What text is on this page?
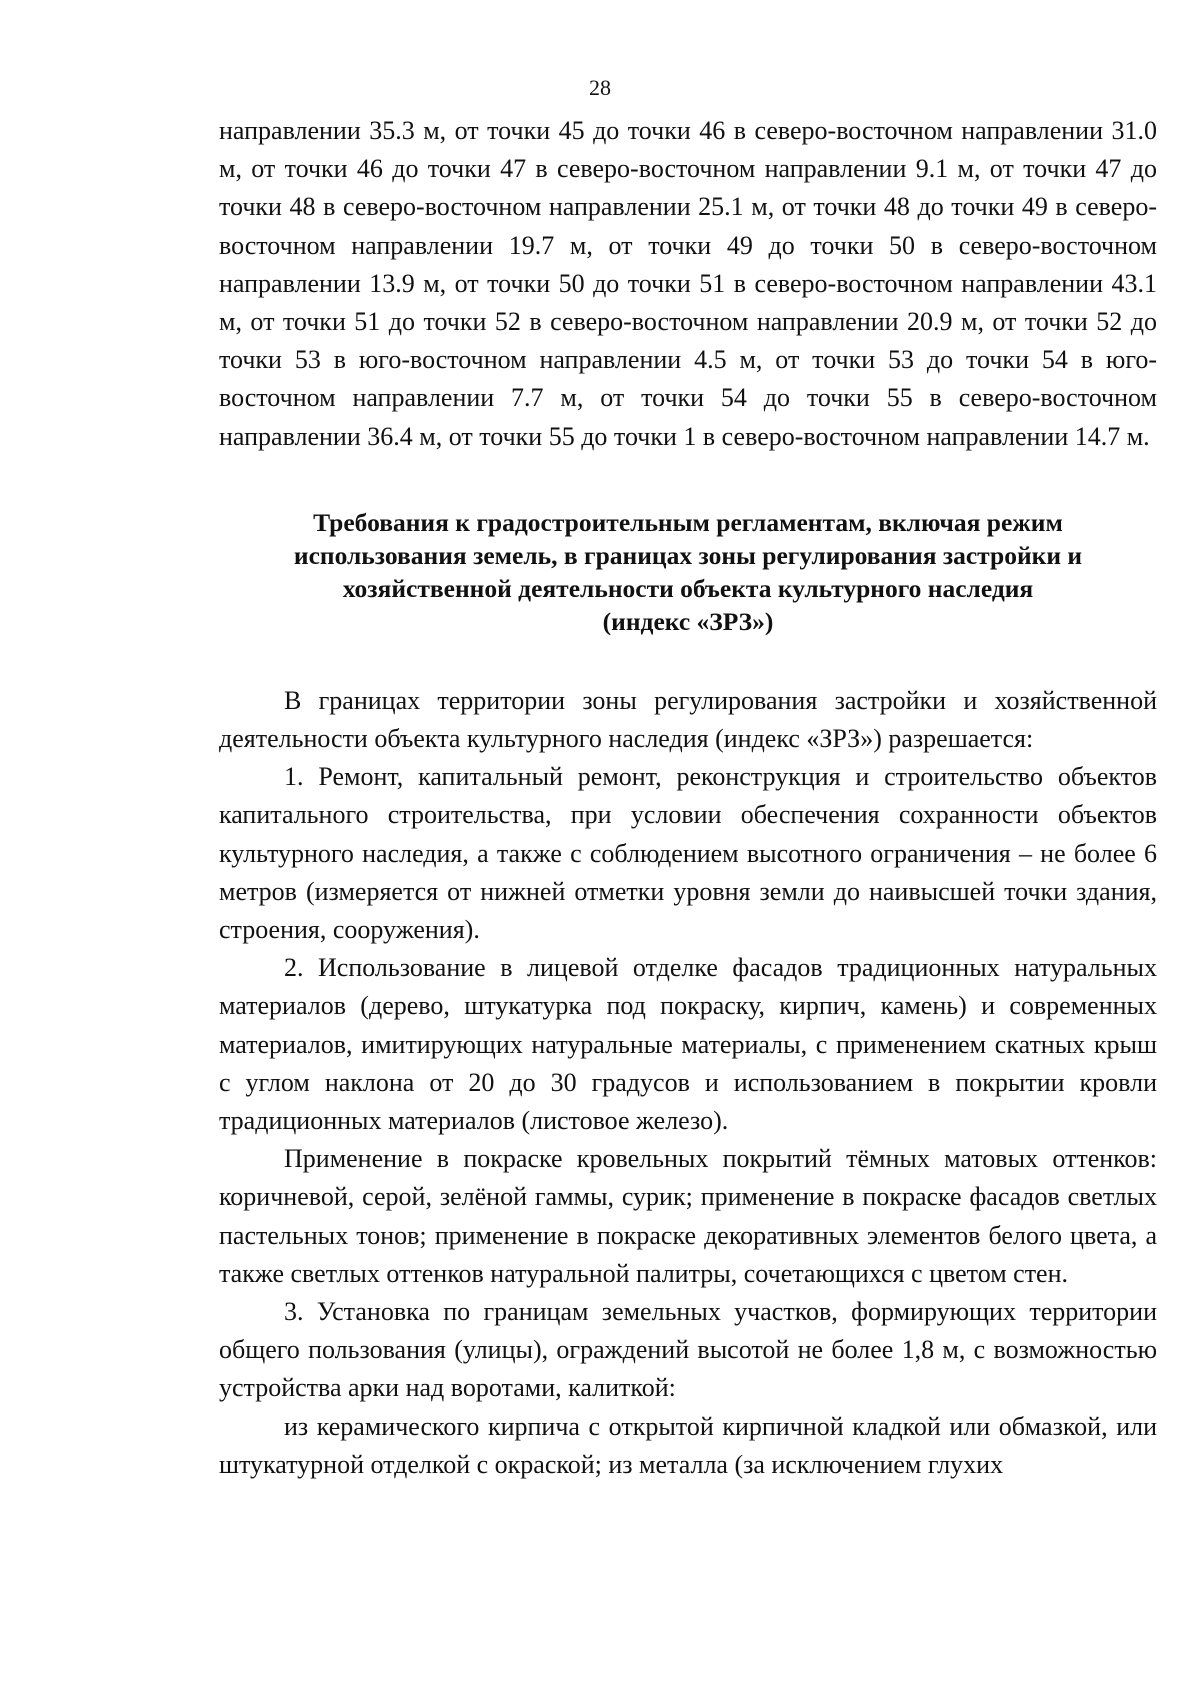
28

направлении 35.3 м, от точки 45 до точки 46 в северо-восточном направлении 31.0 м, от точки 46 до точки 47 в северо-восточном направлении 9.1 м, от точки 47 до точки 48 в северо-восточном направлении 25.1 м, от точки 48 до точки 49 в северо-восточном направлении 19.7 м, от точки 49 до точки 50 в северо-восточном направлении 13.9 м, от точки 50 до точки 51 в северо-восточном направлении 43.1 м, от точки 51 до точки 52 в северо-восточном направлении 20.9 м, от точки 52 до точки 53 в юго-восточном направлении 4.5 м, от точки 53 до точки 54 в юго-восточном направлении 7.7 м, от точки 54 до точки 55 в северо-восточном направлении 36.4 м, от точки 55 до точки 1 в северо-восточном направлении 14.7 м.

Требования к градостроительным регламентам, включая режим
использования земель, в границах зоны регулирования застройки и
хозяйственной деятельности объекта культурного наследия
(индекс «ЗРЗ»)

В границах территории зоны регулирования застройки и хозяйственной деятельности объекта культурного наследия (индекс «ЗРЗ») разрешается:

1. Ремонт, капитальный ремонт, реконструкция и строительство объектов капитального строительства, при условии обеспечения сохранности объектов культурного наследия, а также с соблюдением высотного ограничения – не более 6 метров (измеряется от нижней отметки уровня земли до наивысшей точки здания, строения, сооружения).

2. Использование в лицевой отделке фасадов традиционных натуральных материалов (дерево, штукатурка под покраску, кирпич, камень) и современных материалов, имитирующих натуральные материалы, с применением скатных крыш с углом наклона от 20 до 30 градусов и использованием в покрытии кровли традиционных материалов (листовое железо).

Применение в покраске кровельных покрытий тёмных матовых оттенков: коричневой, серой, зелёной гаммы, сурик; применение в покраске фасадов светлых пастельных тонов; применение в покраске декоративных элементов белого цвета, а также светлых оттенков натуральной палитры, сочетающихся с цветом стен.

3. Установка по границам земельных участков, формирующих территории общего пользования (улицы), ограждений высотой не более 1,8 м, с возможностью устройства арки над воротами, калиткой:

из керамического кирпича с открытой кирпичной кладкой или обмазкой, или штукатурной отделкой с окраской; из металла (за исключением глухих
